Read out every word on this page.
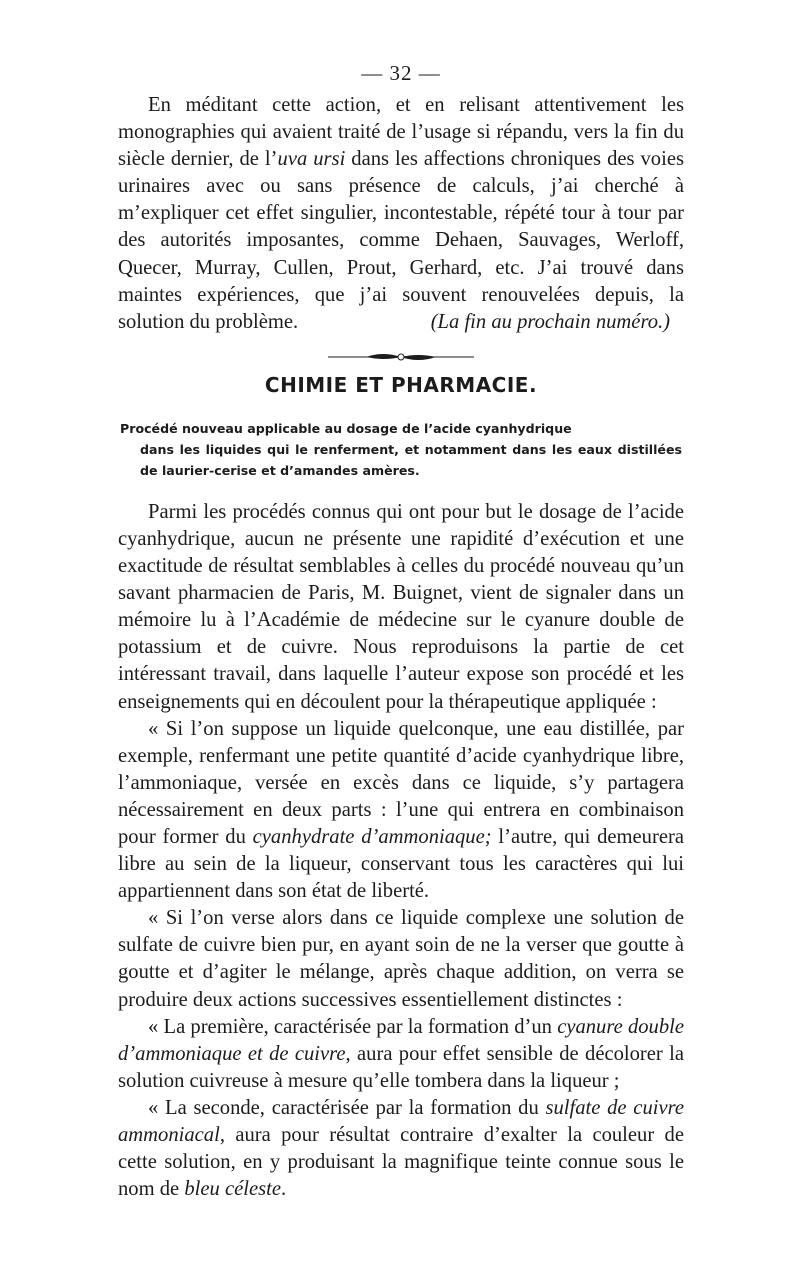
— 32 —

En méditant cette action, et en relisant attentivement les monographies qui avaient traité de l’usage si répandu, vers la fin du siècle dernier, de l’uva ursi dans les affections chroniques des voies urinaires avec ou sans présence de calculs, j’ai cherché à m’expliquer cet effet singulier, incontestable, répété tour à tour par des autorités imposantes, comme Dehaen, Sauvages, Werloff, Quecer, Murray, Cullen, Prout, Gerhard, etc. J’ai trouvé dans maintes expériences, que j’ai souvent renouvelées depuis, la solution du problème.	(La fin au prochain numéro.)

CHIMIE ET PHARMACIE.
Procédé nouveau applicable au dosage de l’acide cyanhydrique
dans les liquides qui le renferment, et notamment dans les eaux distillées de laurier-cerise et d’amandes amères.

Parmi les procédés connus qui ont pour but le dosage de l’acide cyanhydrique, aucun ne présente une rapidité d’exécution et une exactitude de résultat semblables à celles du procédé nouveau qu’un savant pharmacien de Paris, M. Buignet, vient de signaler dans un mémoire lu à l’Académie de médecine sur le cyanure double de potassium et de cuivre. Nous reproduisons la partie de cet intéressant travail, dans laquelle l’auteur expose son procédé et les enseignements qui en découlent pour la thérapeutique appliquée :

« Si l’on suppose un liquide quelconque, une eau distillée, par exemple, renfermant une petite quantité d’acide cyanhydrique libre, l’ammoniaque, versée en excès dans ce liquide, s’y partagera nécessairement en deux parts : l’une qui entrera en combinaison pour former du cyanhydrate d’ammoniaque; l’autre, qui demeurera libre au sein de la liqueur, conservant tous les caractères qui lui appartiennent dans son état de liberté.

« Si l’on verse alors dans ce liquide complexe une solution de sulfate de cuivre bien pur, en ayant soin de ne la verser que goutte à goutte et d’agiter le mélange, après chaque addition, on verra se produire deux actions successives essentiellement distinctes :

« La première, caractérisée par la formation d’un cyanure double d’ammoniaque et de cuivre, aura pour effet sensible de décolorer la solution cuivreuse à mesure qu’elle tombera dans la liqueur ;

« La seconde, caractérisée par la formation du sulfate de cuivre ammoniacal, aura pour résultat contraire d’exalter la couleur de cette solution, en y produisant la magnifique teinte connue sous le nom de bleu céleste.
